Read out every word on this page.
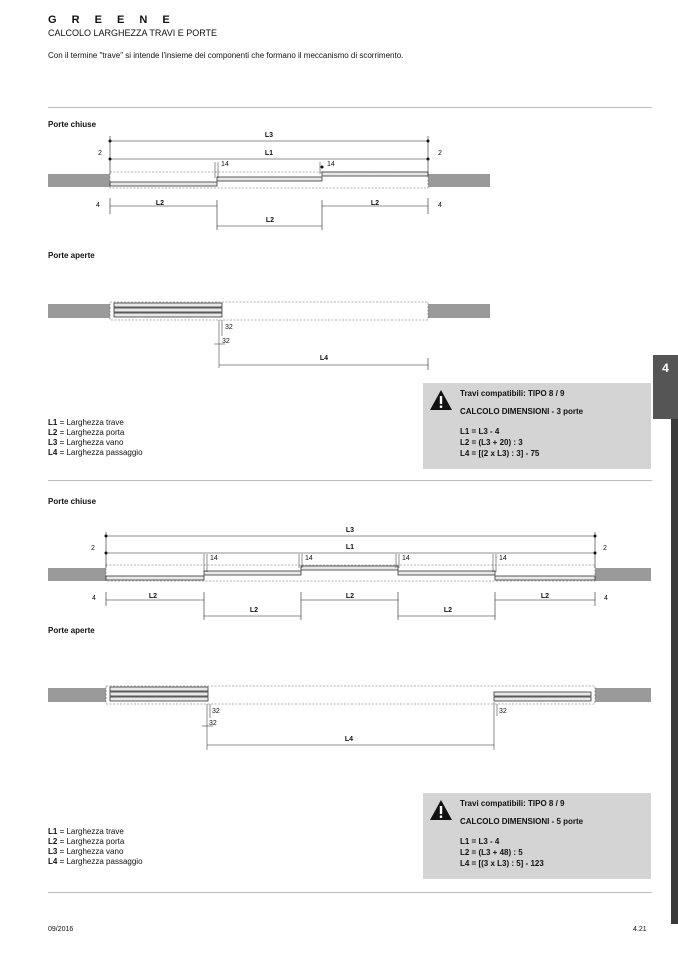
G R E E N E
CALCOLO LARGHEZZA TRAVI E PORTE
Con il termine "trave" si intende l'insieme dei componenti che formano il meccanismo di scorrimento.
Porte chiuse
L3
L1
2	2
14	14
L2	L2
4	4
L2
Porte aperte
32
32
L4
L1 = Larghezza trave
L2 = Larghezza porta
L3 = Larghezza vano
L4 = Larghezza passaggio
Travi compatibili: TIPO 8 / 9
CALCOLO DIMENSIONI - 3 porte
L1 = L3 - 4
L2 = (L3 + 20) : 3
L4 = [(2 x L3) : 3] - 75
Porte chiuse
L3
L1
2	2
14	14	14	14
L2	L2	L2
4	4
L2	L2
Porte aperte
32
32
32
L4
L1 = Larghezza trave
L2 = Larghezza porta
L3 = Larghezza vano
L4 = Larghezza passaggio
Travi compatibili: TIPO 8 / 9
CALCOLO DIMENSIONI - 5 porte
L1 = L3 - 4
L2 = (L3 + 48) : 5
L4 = [(3 x L3) : 5] - 123
4
09/2016	4.21
